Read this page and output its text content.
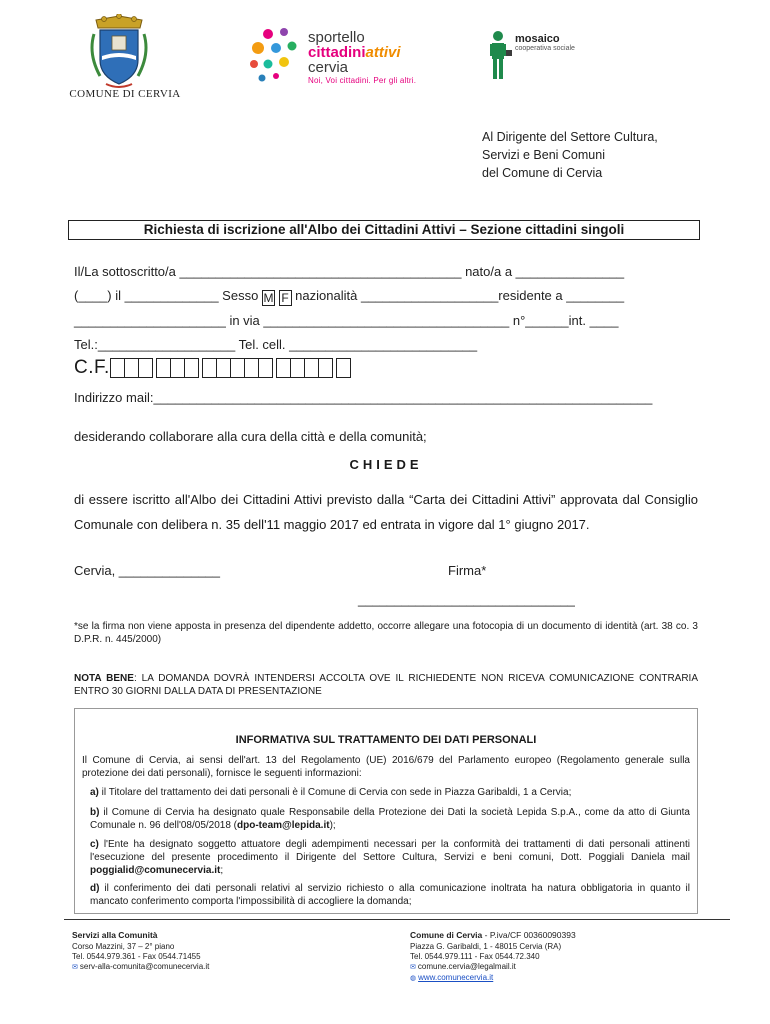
COMUNE DI CERVIA
sportello
cittadiniattivi
cervia
Noi, Voi cittadini. Per gli altri.
mosaico
cooperativa sociale
Al Dirigente del Settore Cultura,
Servizi e Beni Comuni
del Comune di Cervia
Richiesta di iscrizione all'Albo dei Cittadini Attivi – Sezione cittadini singoli
Il/La sottoscritto/a _______________________________________ nato/a a _______________
(____) il _____________ Sesso M F nazionalità ___________________residente a ________
_____________________ in via __________________________________ n°______int. ____
Tel.:___________________ Tel. cell. __________________________
C.F.
Indirizzo mail:_____________________________________________________________________
desiderando collaborare alla cura della città e della comunità;
CHIEDE
di essere iscritto all'Albo dei Cittadini Attivi previsto dalla “Carta dei Cittadini Attivi” approvata dal Consiglio Comunale con delibera n. 35 dell'11 maggio 2017 ed entrata in vigore dal 1° giugno 2017.
Cervia, ______________	Firma*
______________________________
*se la firma non viene apposta in presenza del dipendente addetto, occorre allegare una fotocopia di un documento di identità (art. 38 co. 3 D.P.R. n. 445/2000)
NOTA BENE: LA DOMANDA DOVRÀ INTENDERSI ACCOLTA OVE IL RICHIEDENTE NON RICEVA COMUNICAZIONE CONTRARIA ENTRO 30 GIORNI DALLA DATA DI PRESENTAZIONE
INFORMATIVA SUL TRATTAMENTO DEI DATI PERSONALI
Il Comune di Cervia, ai sensi dell'art. 13 del Regolamento (UE) 2016/679 del Parlamento europeo (Regolamento generale sulla protezione dei dati personali), fornisce le seguenti informazioni:
a) il Titolare del trattamento dei dati personali è il Comune di Cervia con sede in Piazza Garibaldi, 1 a Cervia;
b) il Comune di Cervia ha designato quale Responsabile della Protezione dei Dati la società Lepida S.p.A., come da atto di Giunta Comunale n. 96 dell'08/05/2018 (dpo-team@lepida.it);
c) l'Ente ha designato soggetto attuatore degli adempimenti necessari per la conformità dei trattamenti di dati personali attinenti l'esecuzione del presente procedimento il Dirigente del Settore Cultura, Servizi e beni comuni, Dott. Poggiali Daniela mail poggialid@comunecervia.it;
d) il conferimento dei dati personali relativi al servizio richiesto o alla comunicazione inoltrata ha natura obbligatoria in quanto il mancato conferimento comporta l'impossibilità di accogliere la domanda;
Servizi alla Comunità
Corso Mazzini, 37 – 2° piano
Tel. 0544.979.361 - Fax 0544.71455
✉ serv-alla-comunita@comunecervia.it
Comune di Cervia - P.iva/CF 00360090393
Piazza G. Garibaldi, 1 - 48015 Cervia (RA)
Tel. 0544.979.111 - Fax 0544.72.340
✉ comune.cervia@legalmail.it
◍ www.comunecervia.it
